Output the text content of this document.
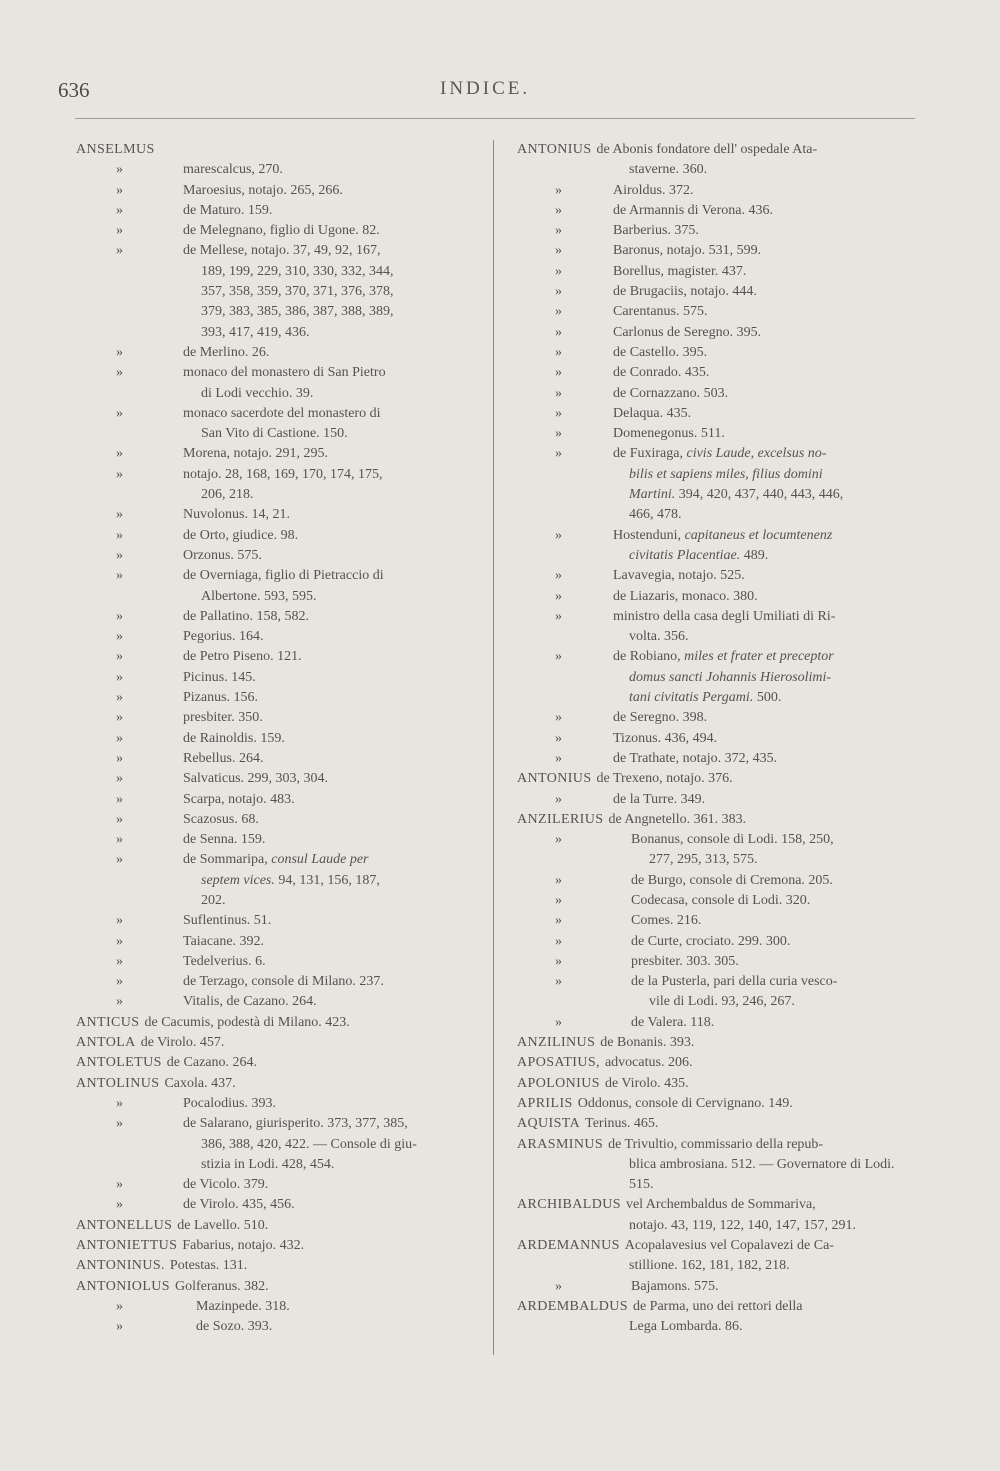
636	INDICE.
ANSELMUS
»	marescalcus, 270.
»	Maroesius, notajo. 265, 266.
»	de Maturo. 159.
»	de Melegnano, figlio di Ugone. 82.
»	de Mellese, notajo. 37, 49, 92, 167,
189, 199, 229, 310, 330, 332, 344,
357, 358, 359, 370, 371, 376, 378,
379, 383, 385, 386, 387, 388, 389,
393, 417, 419, 436.
»	de Merlino. 26.
»	monaco del monastero di San Pietro
di Lodi vecchio. 39.
»	monaco sacerdote del monastero di
San Vito di Castione. 150.
»	Morena, notajo. 291, 295.
»	notajo. 28, 168, 169, 170, 174, 175,
206, 218.
»	Nuvolonus. 14, 21.
»	de Orto, giudice. 98.
»	Orzonus. 575.
»	de Overniaga, figlio di Pietraccio di
Albertone. 593, 595.
»	de Pallatino. 158, 582.
»	Pegorius. 164.
»	de Petro Piseno. 121.
»	Picinus. 145.
»	Pizanus. 156.
»	presbiter. 350.
»	de Rainoldis. 159.
»	Rebellus. 264.
»	Salvaticus. 299, 303, 304.
»	Scarpa, notajo. 483.
»	Scazosus. 68.
»	de Senna. 159.
»	de Sommaripa, consul Laude per
septem vices. 94, 131, 156, 187,
202.
»	Suflentinus. 51.
»	Taiacane. 392.
»	Tedelverius. 6.
»	de Terzago, console di Milano. 237.
»	Vitalis, de Cazano. 264.
ANTICUS de Cacumis, podestà di Milano. 423.
ANTOLA de Virolo. 457.
ANTOLETUS de Cazano. 264.
ANTOLINUS Caxola. 437.
»	Pocalodius. 393.
»	de Salarano, giurisperito. 373, 377, 385,
386, 388, 420, 422. — Console di giu-
stizia in Lodi. 428, 454.
»	de Vicolo. 379.
»	de Virolo. 435, 456.
ANTONELLUS de Lavello. 510.
ANTONIETTUS Fabarius, notajo. 432.
ANTONINUS. Potestas. 131.
ANTONIOLUS Golferanus. 382.
»	Mazinpede. 318.
»	de Sozo. 393.
ANTONIUS de Abonis fondatore dell' ospedale Ata-
staverne. 360.
»	Airoldus. 372.
»	de Armannis di Verona. 436.
»	Barberius. 375.
»	Baronus, notajo. 531, 599.
»	Borellus, magister. 437.
»	de Brugaciis, notajo. 444.
»	Carentanus. 575.
»	Carlonus de Seregno. 395.
»	de Castello. 395.
»	de Conrado. 435.
»	de Cornazzano. 503.
»	Delaqua. 435.
»	Domenegonus. 511.
»	de Fuxiraga, civis Laude, excelsus no-
bilis et sapiens miles, filius domini
Martini. 394, 420, 437, 440, 443, 446,
466, 478.
»	Hostenduni, capitaneus et locumtenenz
civitatis Placentiae. 489.
»	Lavavegia, notajo. 525.
»	de Liazaris, monaco. 380.
»	ministro della casa degli Umiliati di Ri-
volta. 356.
»	de Robiano, miles et frater et preceptor
domus sancti Johannis Hierosolimi-
tani civitatis Pergami. 500.
»	de Seregno. 398.
»	Tizonus. 436, 494.
»	de Trathate, notajo. 372, 435.
ANTONIUS de Trexeno, notajo. 376.
»	de la Turre. 349.
ANZILERIUS de Angnetello. 361. 383.
»	Bonanus, console di Lodi. 158, 250,
277, 295, 313, 575.
»	de Burgo, console di Cremona. 205.
»	Codecasa, console di Lodi. 320.
»	Comes. 216.
»	de Curte, crociato. 299. 300.
»	presbiter. 303. 305.
»	de la Pusterla, pari della curia vesco-
vile di Lodi. 93, 246, 267.
»	de Valera. 118.
ANZILINUS de Bonanis. 393.
APOSATIUS, advocatus. 206.
APOLONIUS de Virolo. 435.
APRILIS Oddonus, console di Cervignano. 149.
AQUISTA Terinus. 465.
ARASMINUS de Trivultio, commissario della repub-
blica ambrosiana. 512. — Governatore di Lodi.
515.
ARCHIBALDUS vel Archembaldus de Sommariva,
notajo. 43, 119, 122, 140, 147, 157, 291.
ARDEMANNUS Acopalavesius vel Copalavezi de Ca-
stillione. 162, 181, 182, 218.
»	Bajamons. 575.
ARDEMBALDUS de Parma, uno dei rettori della
Lega Lombarda. 86.
